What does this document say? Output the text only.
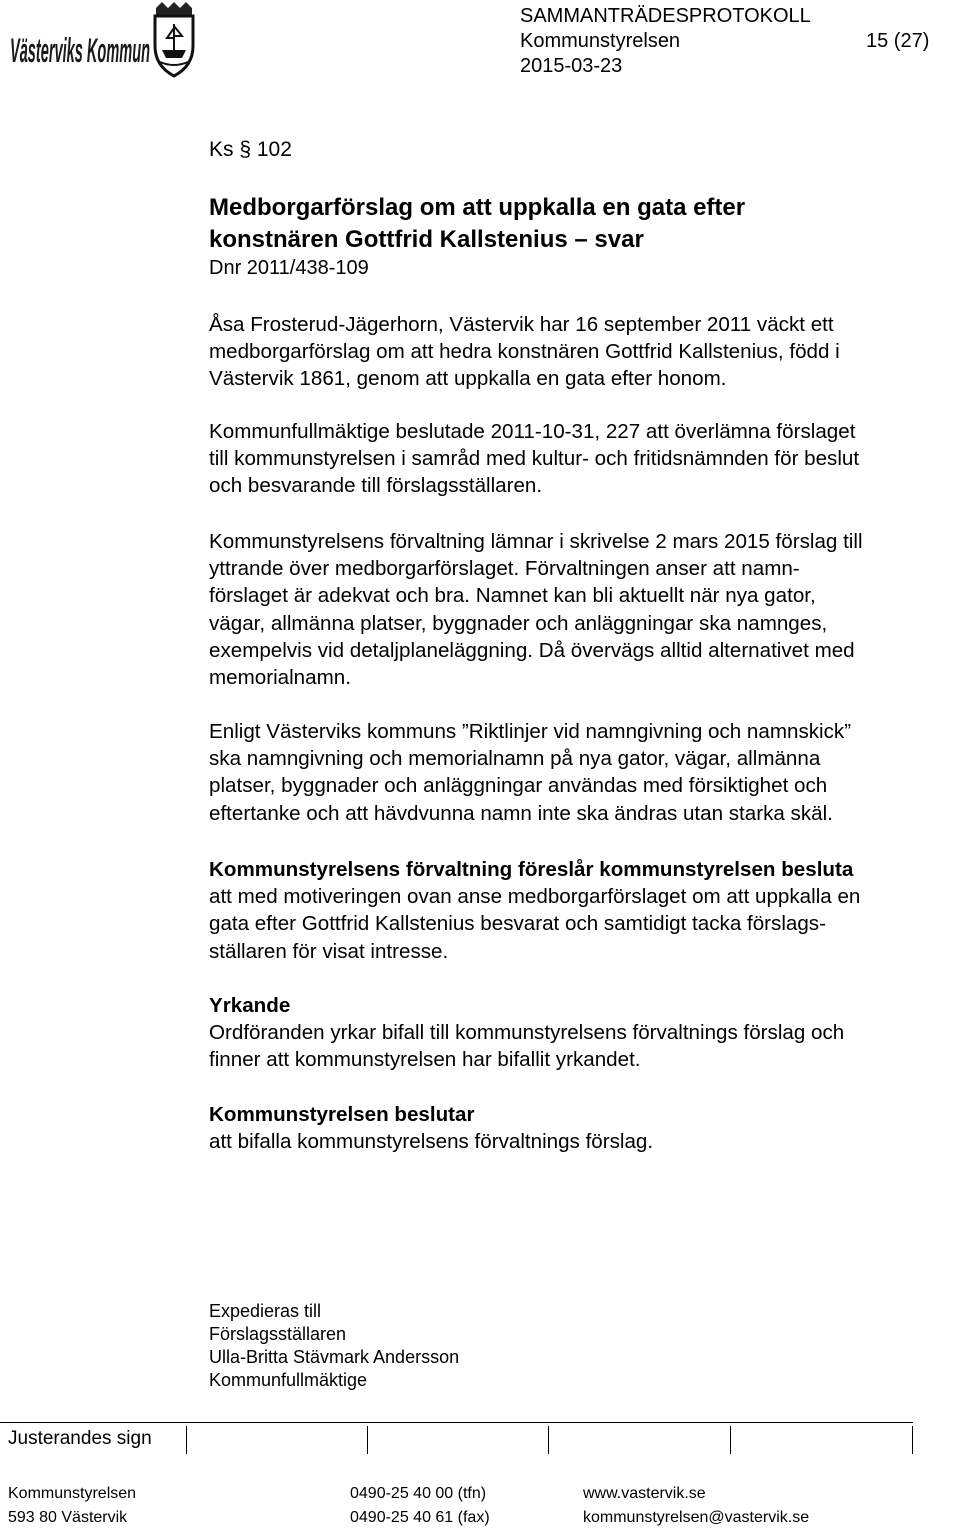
Västerviks Kommun
SAMMANTRÄDESPROTOKOLL
Kommunstyrelsen	15 (27)
2015-03-23
Ks § 102
Medborgarförslag om att uppkalla en gata efter
konstnären Gottfrid Kallstenius – svar
Dnr 2011/438-109

Åsa Frosterud-Jägerhorn, Västervik har 16 september 2011 väckt ett

medborgarförslag om att hedra konstnären Gottfrid Kallstenius, född i

Västervik 1861, genom att uppkalla en gata efter honom.

Kommunfullmäktige beslutade 2011-10-31, 227 att överlämna förslaget

till kommunstyrelsen i samråd med kultur- och fritidsnämnden för beslut

och besvarande till förslagsställaren.

Kommunstyrelsens förvaltning lämnar i skrivelse 2 mars 2015 förslag till

yttrande över medborgarförslaget. Förvaltningen anser att namn-

förslaget är adekvat och bra. Namnet kan bli aktuellt när nya gator,

vägar, allmänna platser, byggnader och anläggningar ska namnges,

exempelvis vid detaljplaneläggning. Då övervägs alltid alternativet med

memorialnamn.

Enligt Västerviks kommuns ”Riktlinjer vid namngivning och namnskick”

ska namngivning och memorialnamn på nya gator, vägar, allmänna

platser, byggnader och anläggningar användas med försiktighet och

eftertanke och att hävdvunna namn inte ska ändras utan starka skäl.

Kommunstyrelsens förvaltning föreslår kommunstyrelsen besluta

att med motiveringen ovan anse medborgarförslaget om att uppkalla en

gata efter Gottfrid Kallstenius besvarat och samtidigt tacka förslags-

ställaren för visat intresse.

Yrkande

Ordföranden yrkar bifall till kommunstyrelsens förvaltnings förslag och

finner att kommunstyrelsen har bifallit yrkandet.

Kommunstyrelsen beslutar

att bifalla kommunstyrelsens förvaltnings förslag.

Expedieras till

Förslagsställaren

Ulla-Britta Stävmark Andersson

Kommunfullmäktige

Justerandes sign
Kommunstyrelsen
593 80 Västervik
0490-25 40 00 (tfn)
0490-25 40 61 (fax)
www.vastervik.se
kommunstyrelsen@vastervik.se
